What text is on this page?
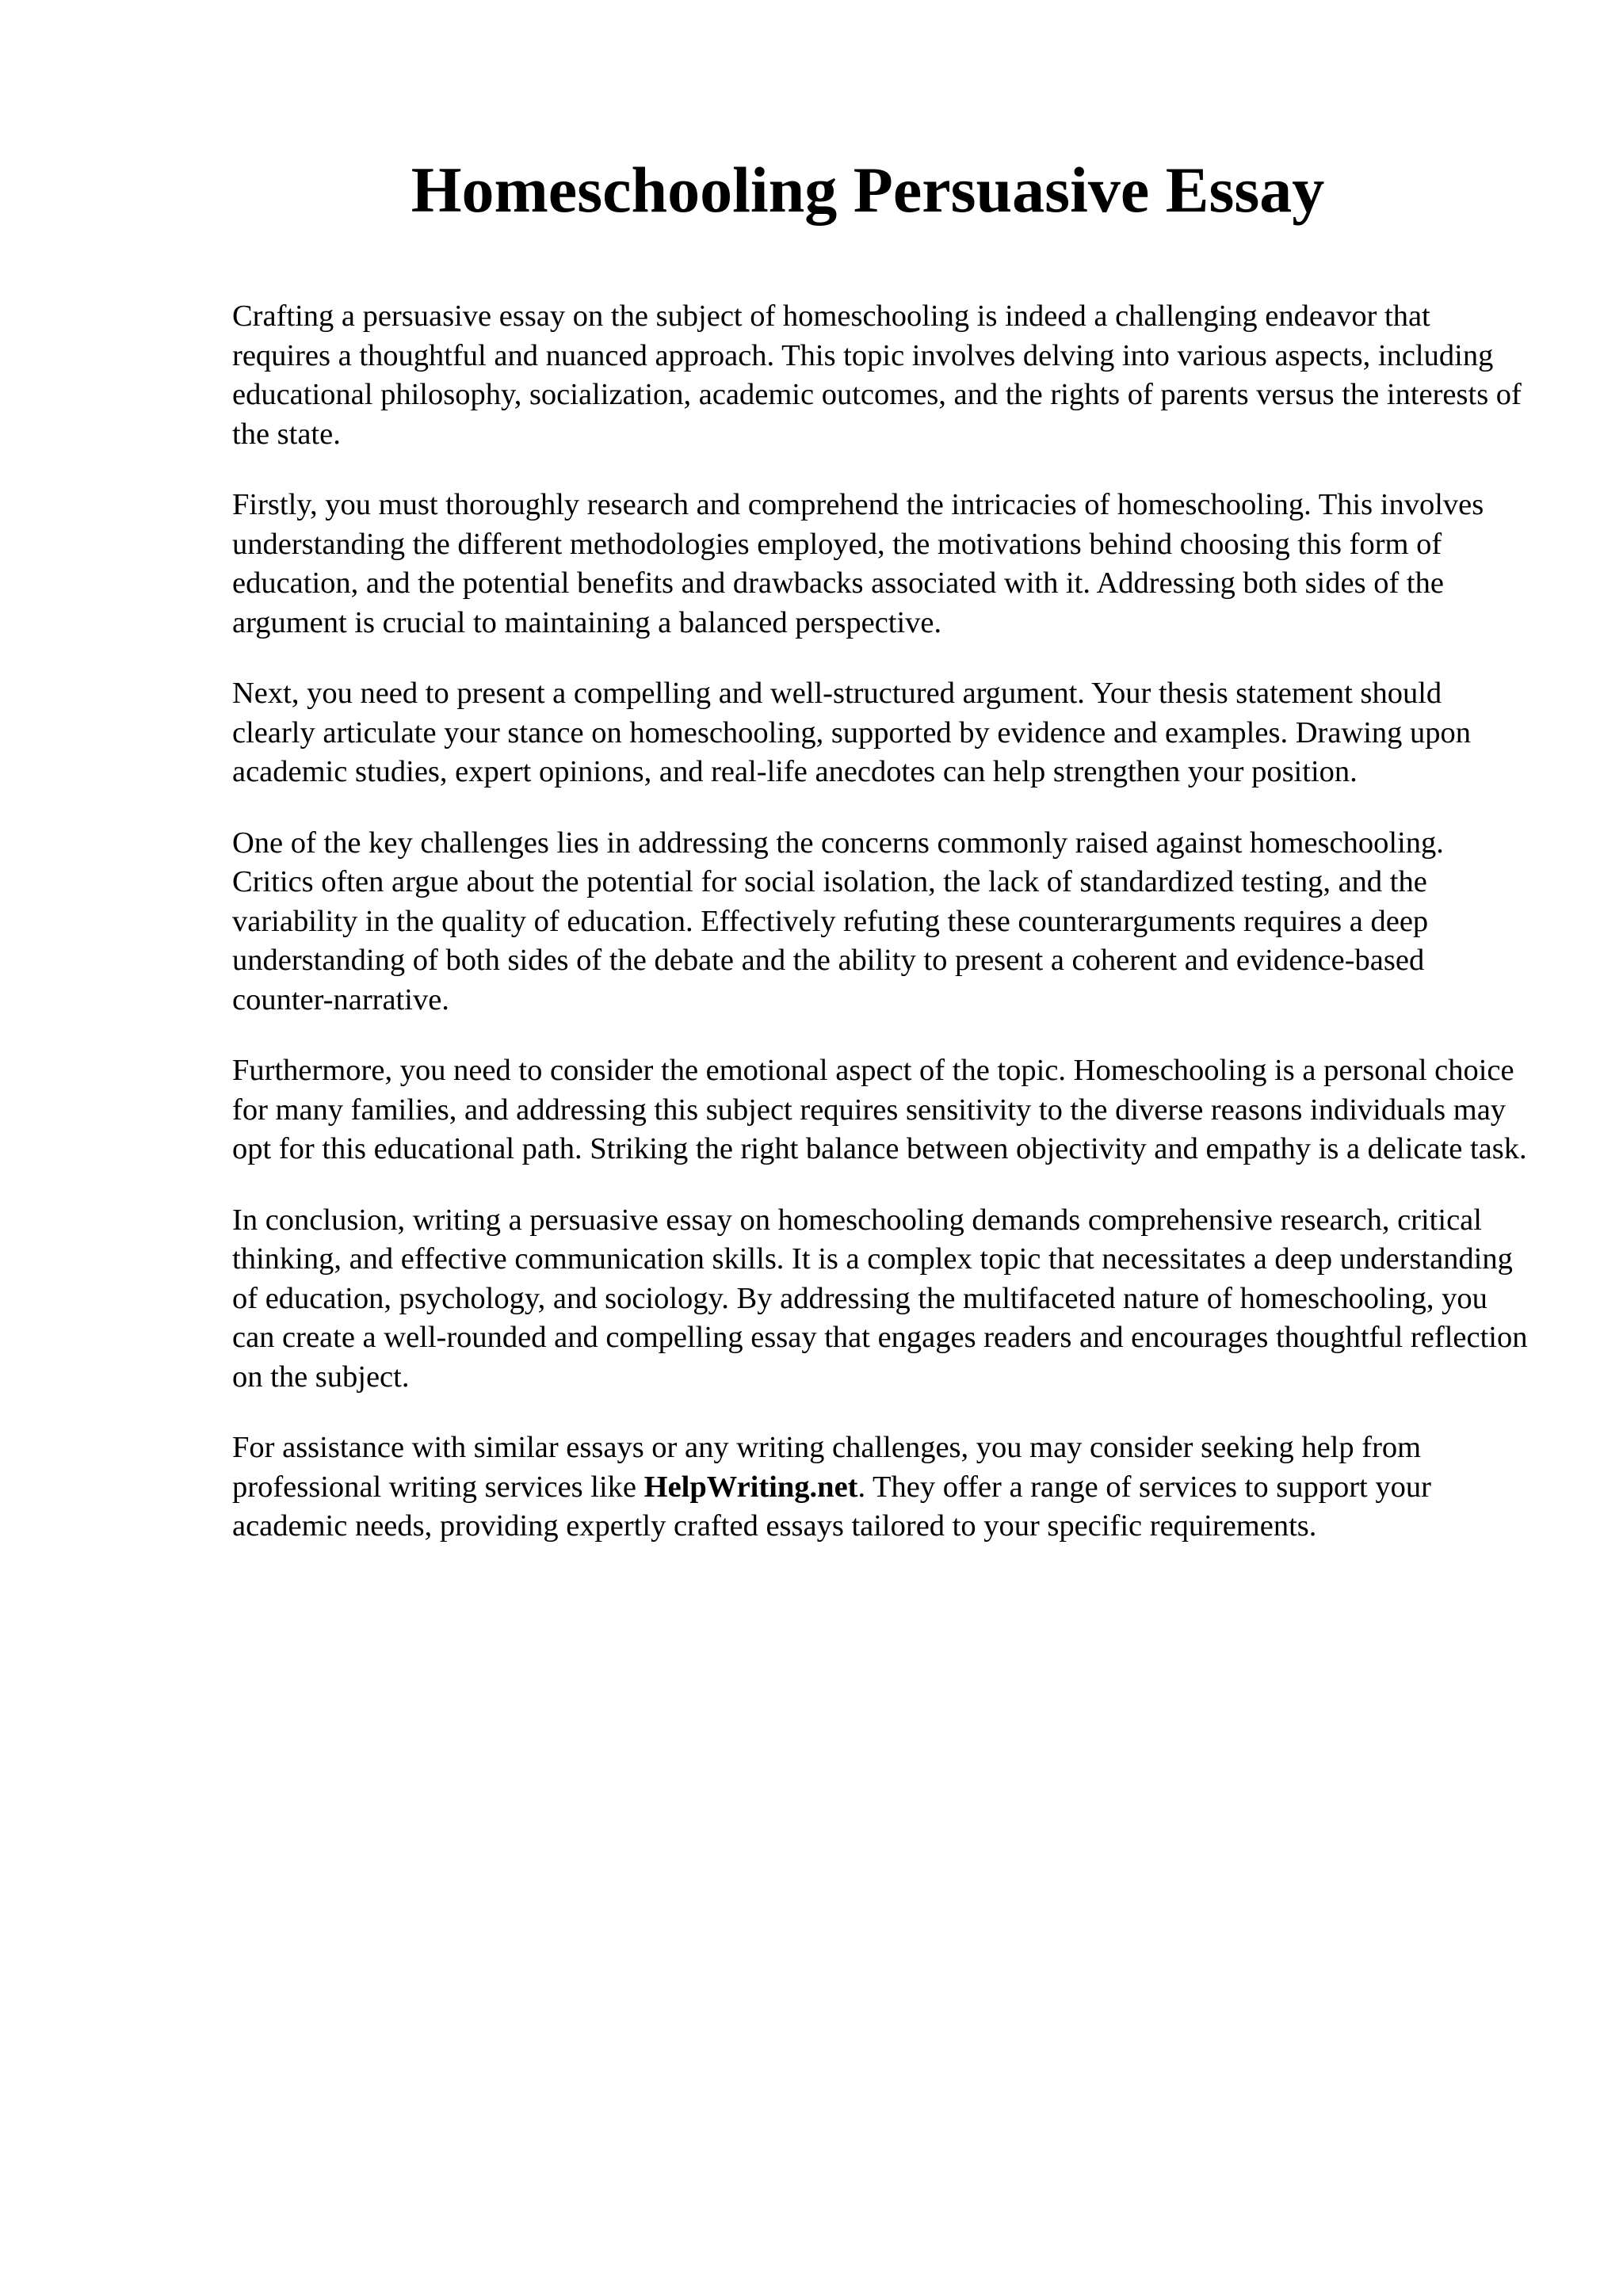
Homeschooling Persuasive Essay

Crafting a persuasive essay on the subject of homeschooling is indeed a challenging endeavor that requires a thoughtful and nuanced approach. This topic involves delving into various aspects, including educational philosophy, socialization, academic outcomes, and the rights of parents versus the interests of the state.

Firstly, you must thoroughly research and comprehend the intricacies of homeschooling. This involves understanding the different methodologies employed, the motivations behind choosing this form of education, and the potential benefits and drawbacks associated with it. Addressing both sides of the argument is crucial to maintaining a balanced perspective.

Next, you need to present a compelling and well-structured argument. Your thesis statement should clearly articulate your stance on homeschooling, supported by evidence and examples. Drawing upon academic studies, expert opinions, and real-life anecdotes can help strengthen your position.

One of the key challenges lies in addressing the concerns commonly raised against homeschooling. Critics often argue about the potential for social isolation, the lack of standardized testing, and the variability in the quality of education. Effectively refuting these counterarguments requires a deep understanding of both sides of the debate and the ability to present a coherent and evidence-based counter-narrative.

Furthermore, you need to consider the emotional aspect of the topic. Homeschooling is a personal choice for many families, and addressing this subject requires sensitivity to the diverse reasons individuals may opt for this educational path. Striking the right balance between objectivity and empathy is a delicate task.

In conclusion, writing a persuasive essay on homeschooling demands comprehensive research, critical thinking, and effective communication skills. It is a complex topic that necessitates a deep understanding of education, psychology, and sociology. By addressing the multifaceted nature of homeschooling, you can create a well-rounded and compelling essay that engages readers and encourages thoughtful reflection on the subject.

For assistance with similar essays or any writing challenges, you may consider seeking help from professional writing services like HelpWriting.net. They offer a range of services to support your academic needs, providing expertly crafted essays tailored to your specific requirements.
